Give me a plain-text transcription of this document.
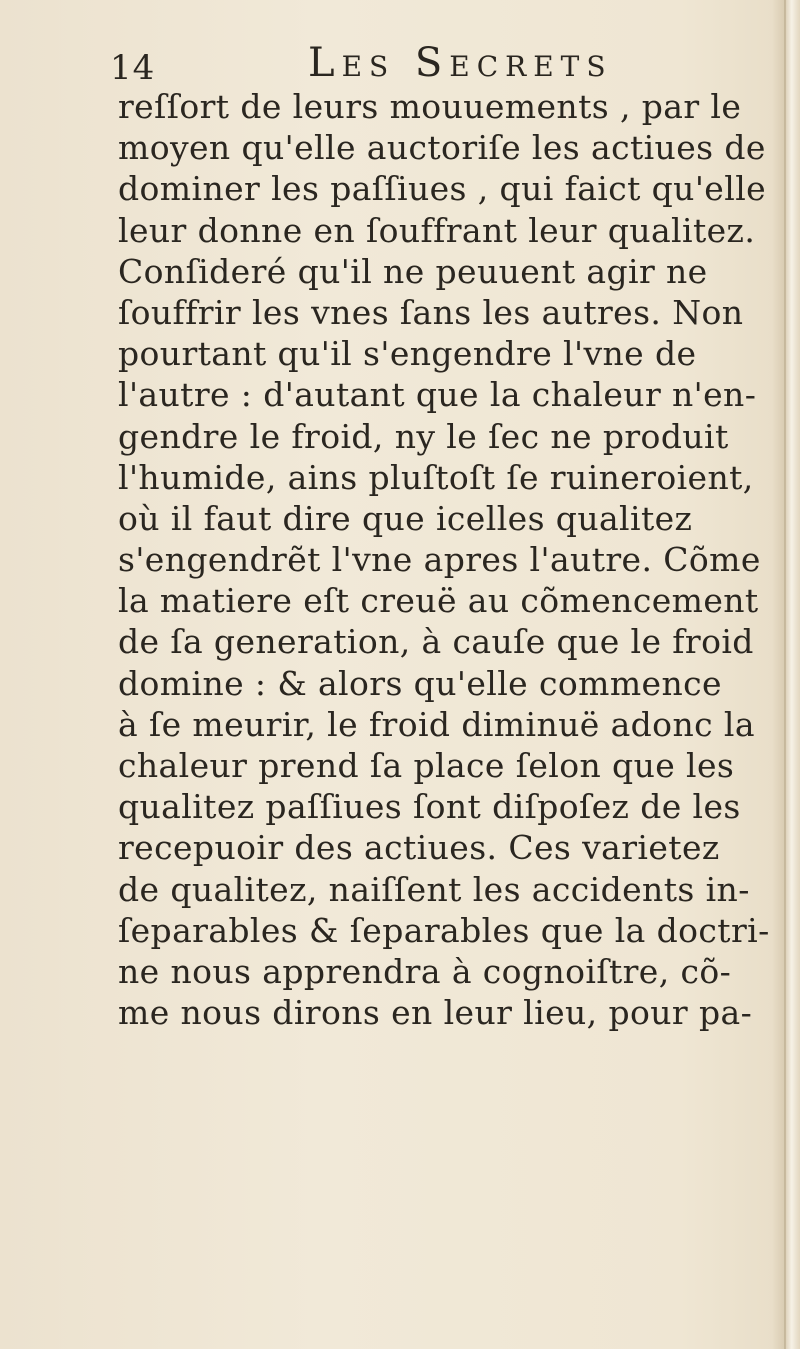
14	Les Secrets
reſſort de leurs mouuements , par le
moyen qu'elle auctoriſe les actiues de
dominer les paſſiues , qui faict qu'elle
leur donne en ſouffrant leur qualitez.
Conſideré qu'il ne peuuent agir ne
ſouffrir les vnes ſans les autres. Non
pourtant qu'il s'engendre l'vne de
l'autre : d'autant que la chaleur n'en-
gendre le froid, ny le ſec ne produit
l'humide, ains pluſtoſt ſe ruineroient,
où il faut dire que icelles qualitez
s'engendrẽt l'vne apres l'autre. Cõme
la matiere eſt creuë au cõmencement
de ſa generation, à cauſe que le froid
domine : & alors qu'elle commence
à ſe meurir, le froid diminuë adonc la
chaleur prend ſa place ſelon que les
qualitez paſſiues ſont diſpoſez de les
recepuoir des actiues. Ces varietez
de qualitez, naiſſent les accidents in-
ſeparables & ſeparables que la doctri-
ne nous apprendra à cognoiſtre, cõ-
me nous dirons en leur lieu, pour pa-
